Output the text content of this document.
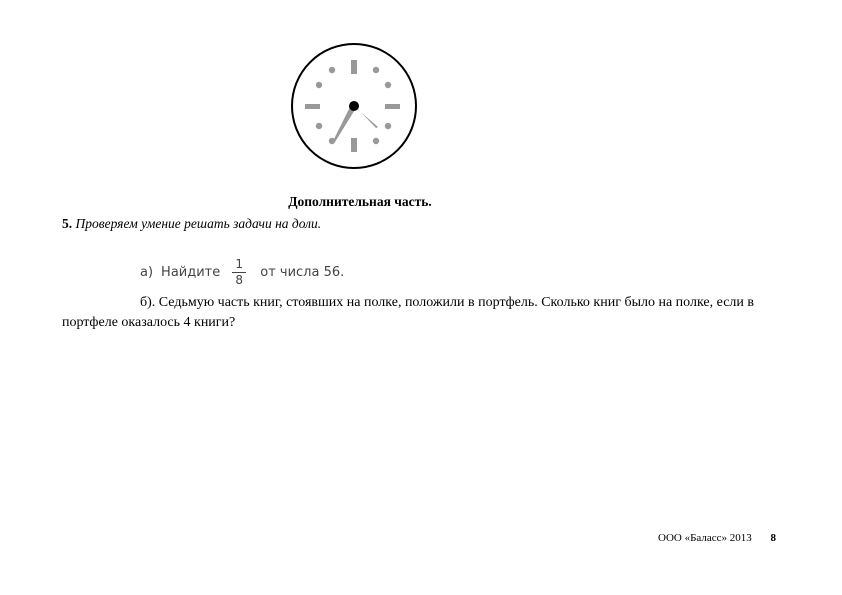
Дополнительная часть.
5. Проверяем умение решать задачи на доли.
а) Найдите $\frac{1}{8}$ от числа 56.
б). Седьмую часть книг, стоявших на полке, положили в портфель. Сколько книг было на полке, если в портфеле оказалось 4 книги?
ООО «Баласс» 2013 8
